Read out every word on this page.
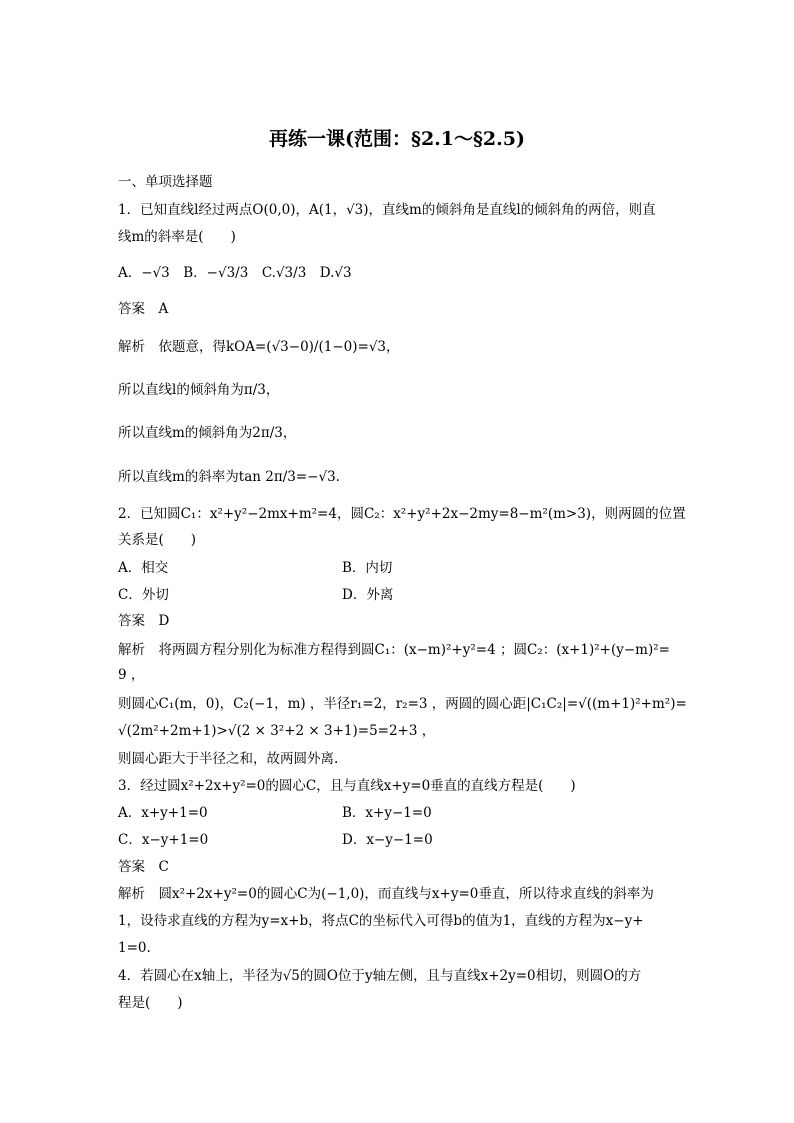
再练一课(范围：§2.1～§2.5)
一、单项选择题
1．已知直线l经过两点O(0,0)，A(1，√3)，直线m的倾斜角是直线l的倾斜角的两倍，则直
线m的斜率是(　　)
A．−√3　B．−√3/3　C.√3/3　D.√3
答案　A
解析　依题意，得kOA=(√3−0)/(1−0)=√3，
所以直线l的倾斜角为π/3，
所以直线m的倾斜角为2π/3，
所以直线m的斜率为tan 2π/3=−√3.
2．已知圆C₁：x²+y²−2mx+m²=4，圆C₂：x²+y²+2x−2my=8−m²(m>3)，则两圆的位置
关系是(　　)
A．相交	B．内切
C．外切	D．外离
答案　D
解析　将两圆方程分别化为标准方程得到圆C₁：(x−m)²+y²=4 ；圆C₂：(x+1)²+(y−m)²=
9 ，
则圆心C₁(m，0)，C₂(−1，m) ，半径r₁=2，r₂=3 ，两圆的圆心距|C₁C₂|=√((m+1)²+m²)=
√(2m²+2m+1)>√(2 × 3²+2 × 3+1)=5=2+3 ，
则圆心距大于半径之和，故两圆外离.
3．经过圆x²+2x+y²=0的圆心C，且与直线x+y=0垂直的直线方程是(　　)
A．x+y+1=0	B．x+y−1=0
C．x−y+1=0	D．x−y−1=0
答案　C
解析　圆x²+2x+y²=0的圆心C为(−1,0)，而直线与x+y=0垂直，所以待求直线的斜率为
1，设待求直线的方程为y=x+b，将点C的坐标代入可得b的值为1，直线的方程为x−y+
1=0.
4．若圆心在x轴上，半径为√5的圆O位于y轴左侧，且与直线x+2y=0相切，则圆O的方
程是(　　)
